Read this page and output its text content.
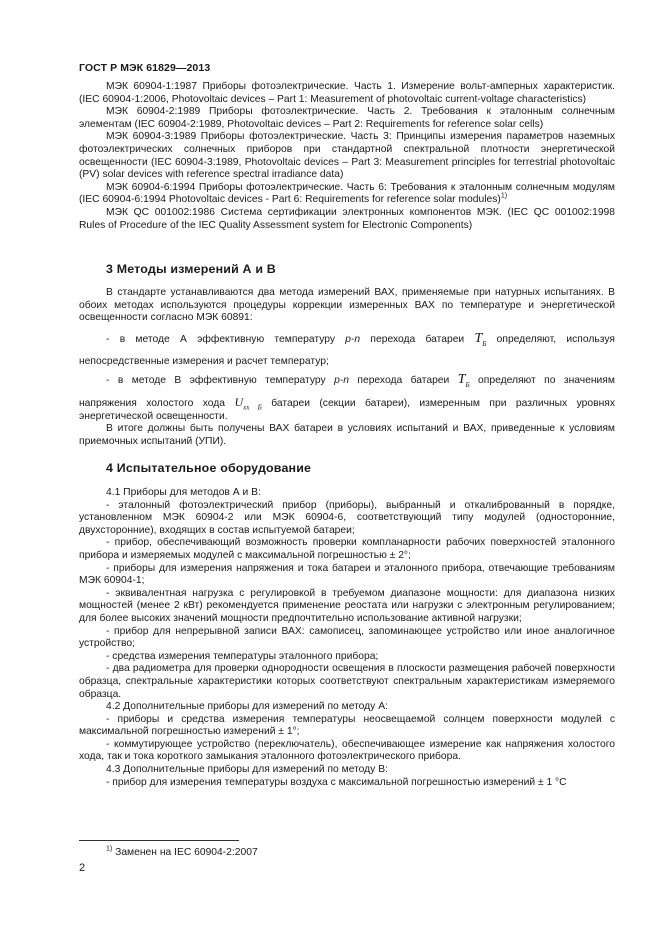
ГОСТ Р МЭК 61829—2013

МЭК 60904-1:1987 Приборы фотоэлектрические. Часть 1. Измерение вольт-амперных характеристик. (IEC 60904-1:2006, Photovoltaic devices – Part 1: Measurement of photovoltaic current-voltage characteristics)

МЭК 60904-2:1989 Приборы фотоэлектрические. Часть 2. Требования к эталонным солнечным элементам (IEC 60904-2:1989, Photovoltaic devices – Part 2: Requirements for reference solar cells)

МЭК 60904-3:1989 Приборы фотоэлектрические. Часть 3: Принципы измерения параметров наземных фотоэлектрических солнечных приборов при стандартной спектральной плотности энергетической освещенности (IEC 60904-3:1989, Photovoltaic devices – Part 3: Measurement principles for terrestrial photovoltaic (PV) solar devices with reference spectral irradiance data)

МЭК 60904-6:1994 Приборы фотоэлектрические. Часть 6: Требования к эталонным солнечным модулям (IEC 60904-6:1994 Photovoltaic devices - Part 6: Requirements for reference solar modules)$^{1)}$

МЭК QC 001002:1986 Система сертификации электронных компонентов МЭК. (IEC QC 001002:1998 Rules of Procedure of the IEC Quality Assessment system for Electronic Components)

3 Методы измерений А и В

В стандарте устанавливаются два метода измерений ВАХ, применяемые при натурных испытаниях. В обоих методах используются процедуры коррекции измеренных ВАХ по температуре и энергетической освещенности согласно МЭК 60891:

- в методе А эффективную температуру p-n перехода батареи $T_Б$ определяют, используя
непосредственные измерения и расчет температур;
- в методе В эффективную температуру p-n перехода батареи $T_Б$ определяют по значениям

напряжения холостого хода $U_{xx Б}$ батареи (секции батареи), измеренным при различных уровнях энергетической освещенности.

В итоге должны быть получены ВАХ батареи в условиях испытаний и ВАХ, приведенные к условиям приемочных испытаний (УПИ).

4 Испытательное оборудование

4.1 Приборы для методов А и В:

- эталонный фотоэлектрический прибор (приборы), выбранный и откалиброванный в порядке, установленном МЭК 60904-2 или МЭК 60904-6, соответствующий типу модулей (односторонние, двухсторонние), входящих в состав испытуемой батареи;

- прибор, обеспечивающий возможность проверки компланарности рабочих поверхностей эталонного прибора и измеряемых модулей с максимальной погрешностью ± 2°;

- приборы для измерения напряжения и тока батареи и эталонного прибора, отвечающие требованиям МЭК 60904-1;

- эквивалентная нагрузка с регулировкой в требуемом диапазоне мощности: для диапазона низких мощностей (менее 2 кВт) рекомендуется применение реостата или нагрузки с электронным регулированием; для более высоких значений мощности предпочтительно использование активной нагрузки;

- прибор для непрерывной записи ВАХ: самописец, запоминающее устройство или иное аналогичное устройство;

- средства измерения температуры эталонного прибора;

- два радиометра для проверки однородности освещения в плоскости размещения рабочей поверхности образца, спектральные характеристики которых соответствуют спектральным характеристикам измеряемого образца.

4.2 Дополнительные приборы для измерений по методу А:

- приборы и средства измерения температуры неосвещаемой солнцем поверхности модулей с максимальной погрешностью измерений ± 1°;

- коммутирующее устройство (переключатель), обеспечивающее измерение как напряжения холостого хода, так и тока короткого замыкания эталонного фотоэлектрического прибора.

4.3 Дополнительные приборы для измерений по методу В:

- прибор для измерения температуры воздуха с максимальной погрешностью измерений ± 1 °C

$^{1)}$ Заменен на IEC 60904-2:2007
2
